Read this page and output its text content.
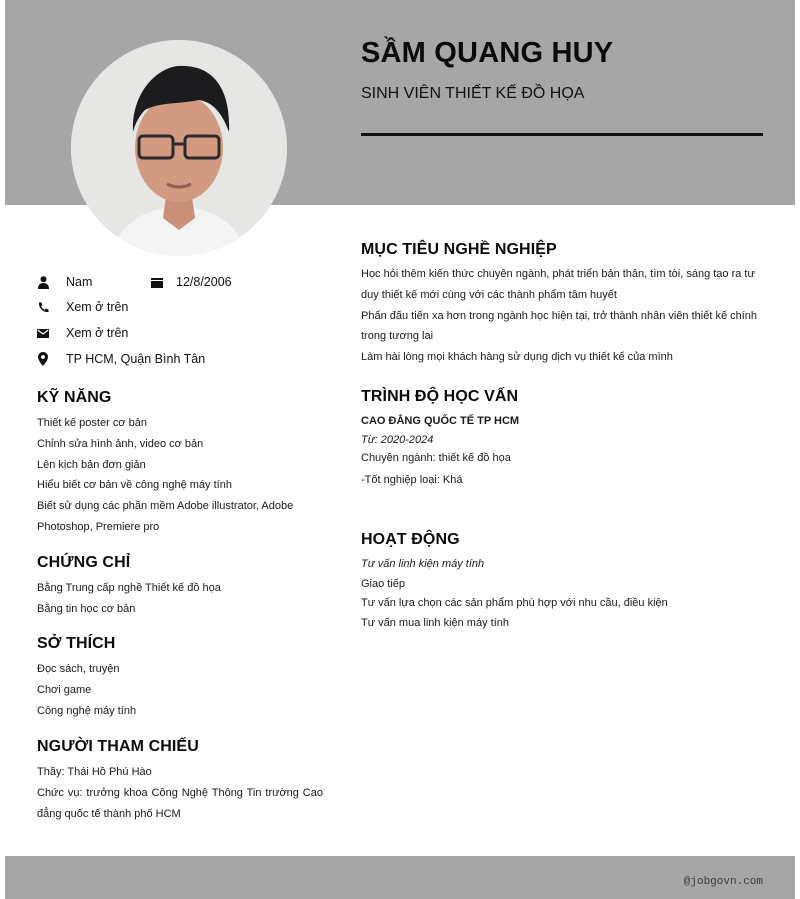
SẦM QUANG HUY
SINH VIÊN THIẾT KẾ ĐỒ HỌA
Nam	12/8/2006
Xem ở trên
Xem ở trên
TP HCM, Quận Bình Tân
KỸ NĂNG
Thiết kế poster cơ bản
Chỉnh sửa hình ảnh, video cơ bản
Lên kịch bản đơn giản
Hiểu biết cơ bản về công nghệ máy tính
Biết sử dụng các phần mềm Adobe illustrator, Adobe Photoshop, Premiere pro
CHỨNG CHỈ
Bằng Trung cấp nghề Thiết kế đồ họa
Bằng tin học cơ bản
SỞ THÍCH
Đọc sách, truyện
Chơi game
Công nghệ máy tính
NGƯỜI THAM CHIẾU
Thầy: Thái Hồ Phú Hào
Chức vụ: trưởng khoa Công Nghệ Thông Tin trường Cao đẳng quốc tế thành phố HCM
MỤC TIÊU NGHỀ NGHIỆP
Học hỏi thêm kiến thức chuyên ngành, phát triển bản thân, tìm tòi, sáng tạo ra tư duy thiết kế mới cùng với các thành phẩm tâm huyết
Phấn đấu tiến xa hơn trong ngành học hiện tại, trở thành nhân viên thiết kế chính trong tương lai
Làm hài lòng mọi khách hàng sử dụng dịch vụ thiết kế của mình
TRÌNH ĐỘ HỌC VẤN
CAO ĐẲNG QUỐC TẾ TP HCM
Từ: 2020-2024
Chuyên ngành: thiết kế đồ họa
-Tốt nghiệp loại: Khá
HOẠT ĐỘNG
Tư vấn linh kiện máy tính
Giao tiếp
Tư vấn lựa chọn các sản phẩm phù hợp với nhu cầu, điều kiện
Tư vấn mua linh kiện máy tính
@jobgovn.com
